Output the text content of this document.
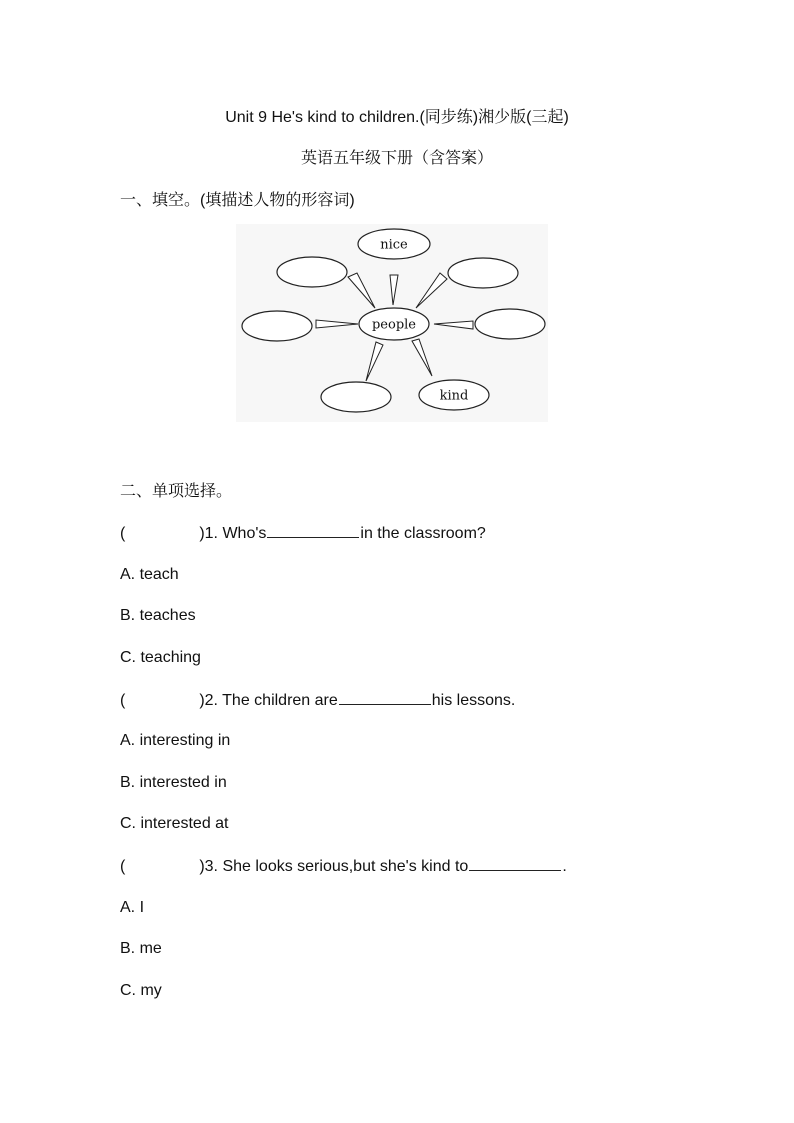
Unit 9 He's kind to children.(同步练)湘少版(三起)
英语五年级下册（含答案）
一、填空。(填描述人物的形容词)
people
nice
kind
二、单项选择。
(	)1. Who's	in the classroom?
A. teach
B. teaches
C. teaching
(	)2. The children are	his lessons.
A. interesting in
B. interested in
C. interested at
(	)3. She looks serious,but she's kind to	.
A. I
B. me
C. my
